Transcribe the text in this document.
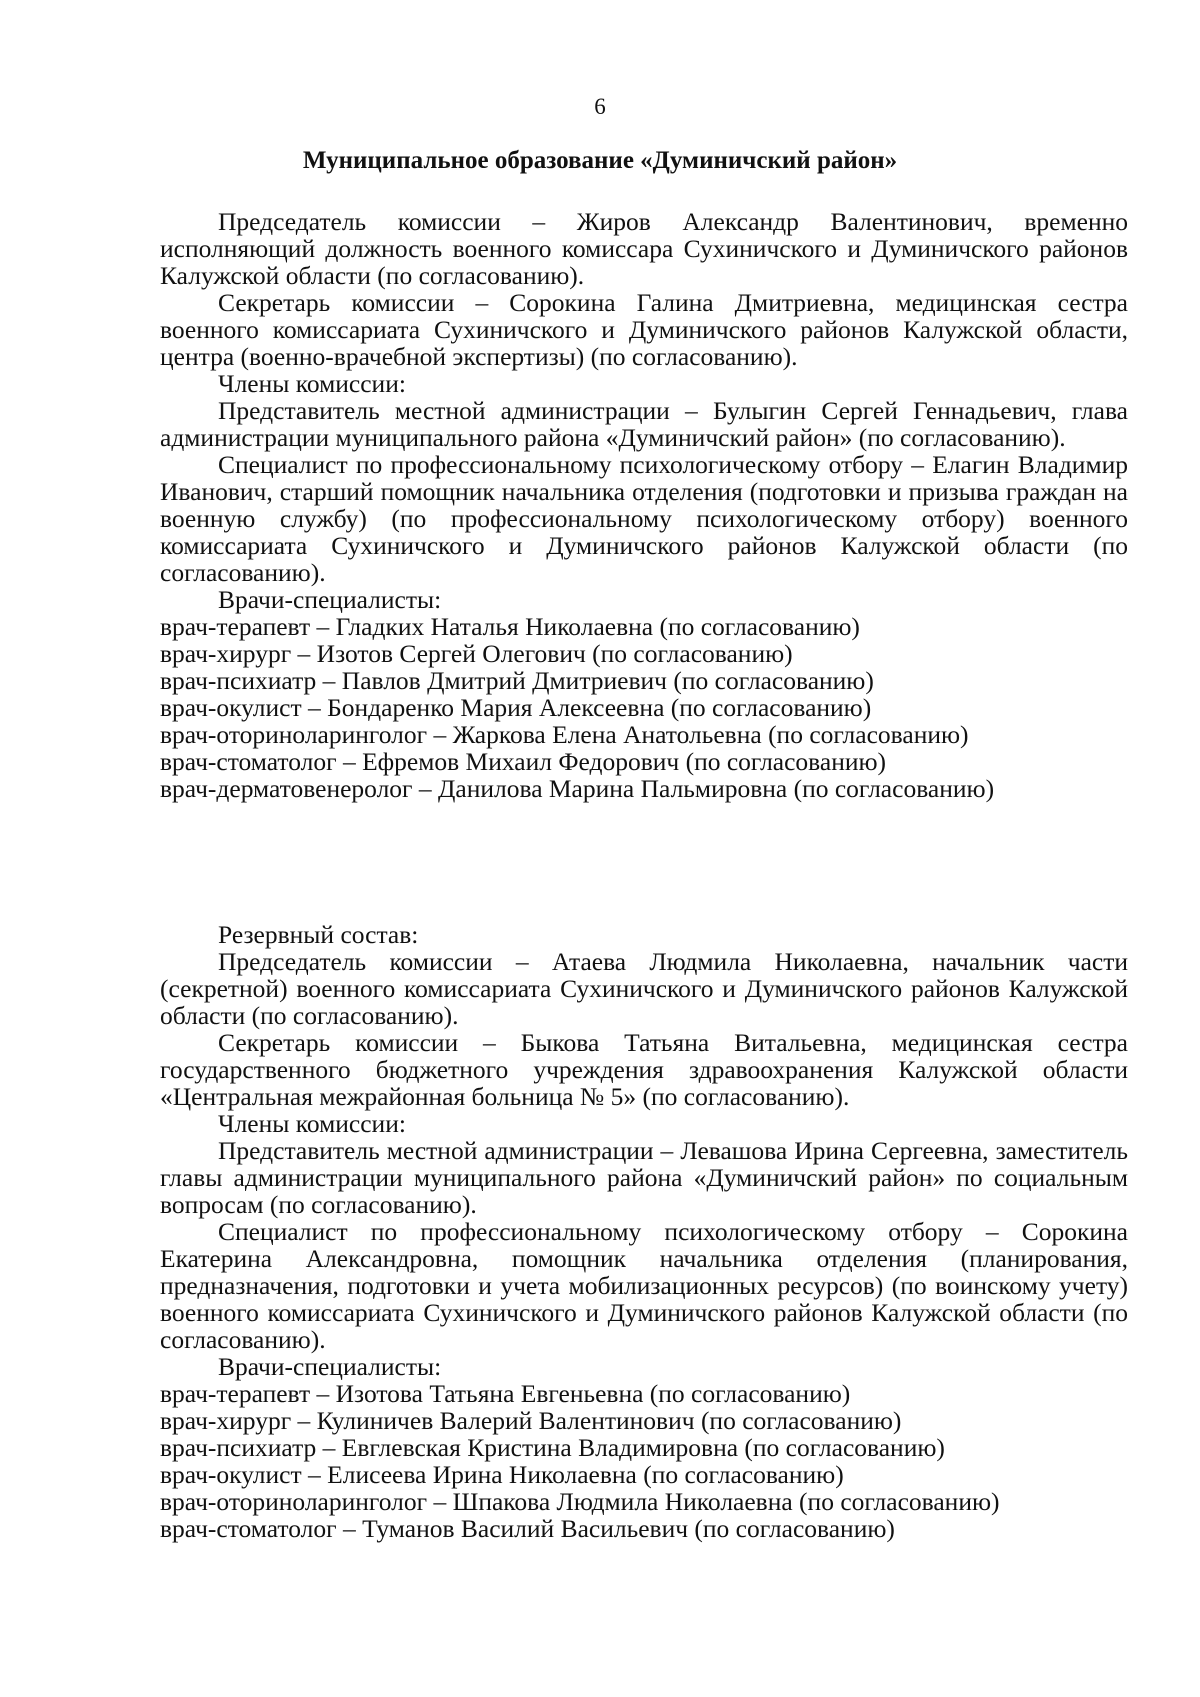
6
Муниципальное образование «Думиничский район»

Председатель комиссии – Жиров Александр Валентинович, временно исполняющий должность военного комиссара Сухиничского и Думиничского районов Калужской области (по согласованию).

Секретарь комиссии – Сорокина Галина Дмитриевна, медицинская сестра военного комиссариата Сухиничского и Думиничского районов Калужской области, центра (военно-врачебной экспертизы) (по согласованию).

Члены комиссии:

Представитель местной администрации – Булыгин Сергей Геннадьевич, глава администрации муниципального района «Думиничский район» (по согласованию).

Специалист по профессиональному психологическому отбору – Елагин Владимир Иванович, старший помощник начальника отделения (подготовки и призыва граждан на военную службу) (по профессиональному психологическому отбору) военного комиссариата Сухиничского и Думиничского районов Калужской области (по согласованию).

Врачи-специалисты:

врач-терапевт – Гладких Наталья Николаевна (по согласованию)

врач-хирург – Изотов Сергей Олегович (по согласованию)

врач-психиатр – Павлов Дмитрий Дмитриевич (по согласованию)

врач-окулист – Бондаренко Мария Алексеевна (по согласованию)

врач-оториноларинголог – Жаркова Елена Анатольевна (по согласованию)

врач-стоматолог – Ефремов Михаил Федорович (по согласованию)

врач-дерматовенеролог – Данилова Марина Пальмировна (по согласованию)

Резервный состав:

Председатель комиссии – Атаева Людмила Николаевна, начальник части (секретной) военного комиссариата Сухиничского и Думиничского районов Калужской области (по согласованию).

Секретарь комиссии – Быкова Татьяна Витальевна, медицинская сестра государственного бюджетного учреждения здравоохранения Калужской области «Центральная межрайонная больница № 5» (по согласованию).

Члены комиссии:

Представитель местной администрации – Левашова Ирина Сергеевна, заместитель главы администрации муниципального района «Думиничский район» по социальным вопросам (по согласованию).

Специалист по профессиональному психологическому отбору – Сорокина Екатерина Александровна, помощник начальника отделения (планирования, предназначения, подготовки и учета мобилизационных ресурсов) (по воинскому учету) военного комиссариата Сухиничского и Думиничского районов Калужской области (по согласованию).

Врачи-специалисты:

врач-терапевт – Изотова Татьяна Евгеньевна (по согласованию)

врач-хирург – Кулиничев Валерий Валентинович (по согласованию)

врач-психиатр – Евглевская Кристина Владимировна (по согласованию)

врач-окулист – Елисеева Ирина Николаевна (по согласованию)

врач-оториноларинголог – Шпакова Людмила Николаевна (по согласованию)

врач-стоматолог – Туманов Василий Васильевич (по согласованию)
